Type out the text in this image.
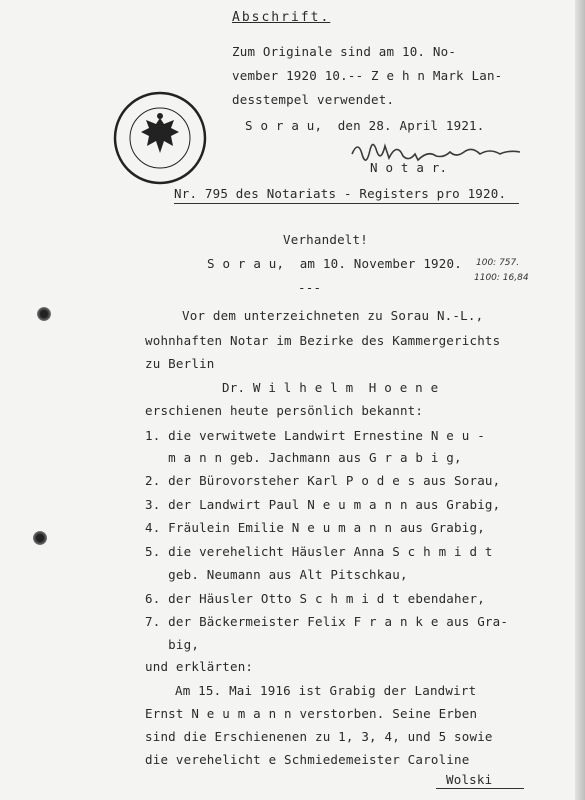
Abschrift.
Zum Originale sind am 10. No-
vember 1920 10.-- Z e h n Mark Lan-
desstempel verwendet.
S o r a u,  den 28. April 1921.
N o t a r.
Nr. 795 des Notariats - Registers pro 1920.
Verhandelt!
S o r a u,  am 10. November 1920. 100: 757.
1100: 16,84
---
Vor dem unterzeichneten zu Sorau N.-L.,
wohnhaften Notar im Bezirke des Kammergerichts
zu Berlin
Dr. W i l h e l m  H o e n e
erschienen heute persönlich bekannt:
1. die verwitwete Landwirt Ernestine N e u -
m a n n geb. Jachmann aus G r a b i g,
2. der Bürovorsteher Karl P o d e s aus Sorau,
3. der Landwirt Paul N e u m a n n aus Grabig,
4. Fräulein Emilie N e u m a n n aus Grabig,
5. die verehelicht Häusler Anna S c h m i d t
geb. Neumann aus Alt Pitschkau,
6. der Häusler Otto S c h m i d t ebendaher,
7. der Bäckermeister Felix F r a n k e aus Gra-
big,
und erklärten:
Am 15. Mai 1916 ist Grabig der Landwirt
Ernst N e u m a n n verstorben. Seine Erben
sind die Erschienenen zu 1, 3, 4, und 5 sowie
die verehelicht e Schmiedemeister Caroline
Wolski
